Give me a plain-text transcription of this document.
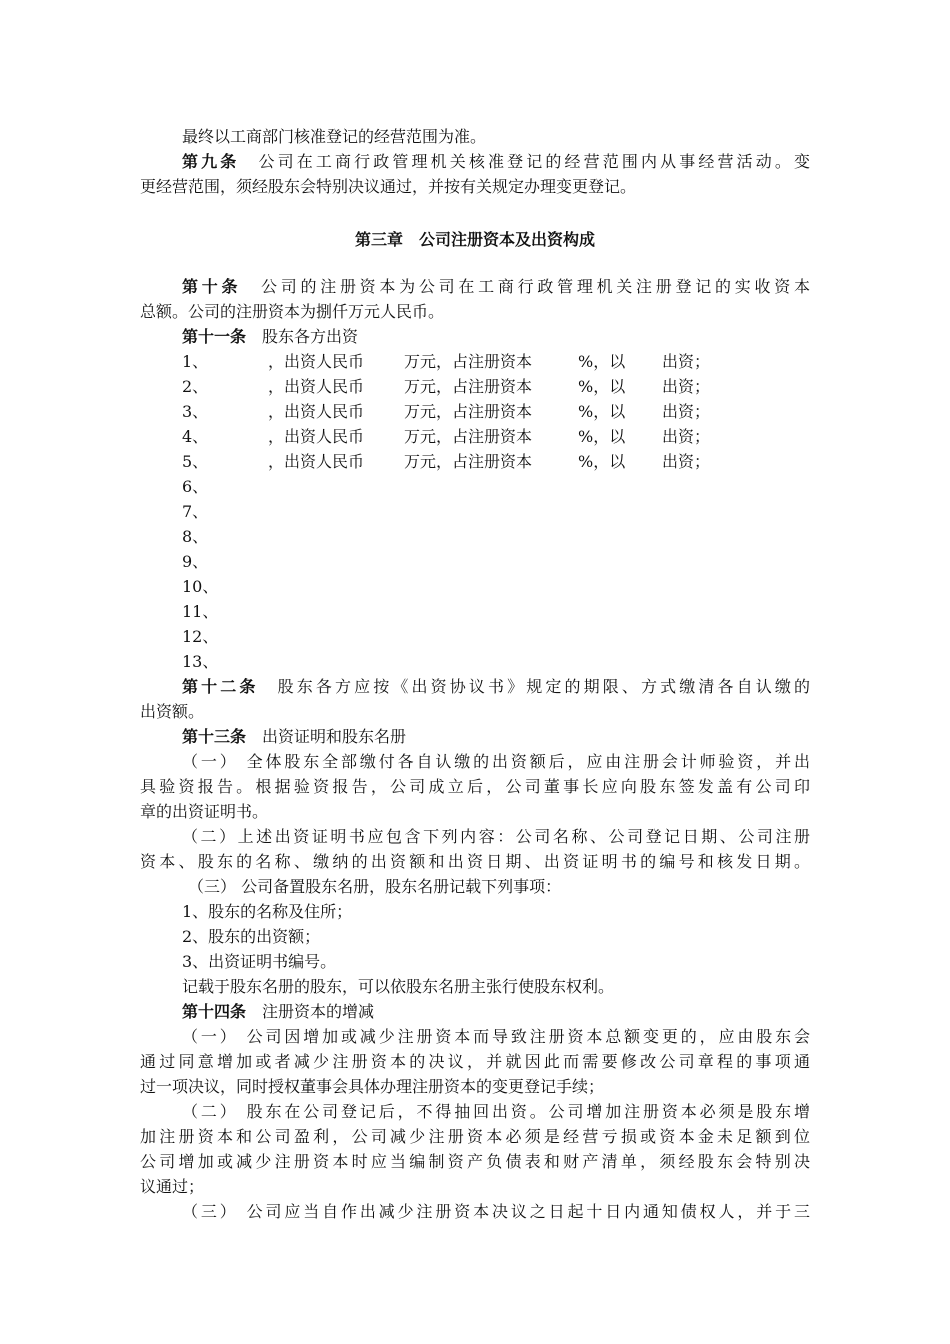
最终以工商部门核准登记的经营范围为准。
第九条　 公司在工商行政管理机关核准登记的经营范围内从事经营活动。变
更经营范围，须经股东会特别决议通过，并按有关规定办理变更登记。
第三章　公司注册资本及出资构成
第十条　 公司的注册资本为公司在工商行政管理机关注册登记的实收资本
总额。公司的注册资本为捌仟万元人民币。
第十一条　 股东各方出资
1、	，出资人民币 万元，占注册资本	%，以 出资；
2、	，出资人民币 万元，占注册资本	%，以 出资；
3、	，出资人民币 万元，占注册资本	%，以 出资；
4、	，出资人民币 万元，占注册资本	%，以 出资；
5、	，出资人民币 万元，占注册资本	%，以 出资；
6、
7、
8、
9、
10、
11、
12、
13、
第十二条　 股东各方应按《出资协议书》规定的期限、方式缴清各自认缴的
出资额。
第十三条　 出资证明和股东名册
（一） 全体股东全部缴付各自认缴的出资额后，应由注册会计师验资，并出
具验资报告。根据验资报告，公司成立后，公司董事长应向股东签发盖有公司印
章的出资证明书。
（二）上述出资证明书应包含下列内容：公司名称、公司登记日期、公司注册
资本、股东的名称、缴纳的出资额和出资日期、出资证明书的编号和核发日期。
（三） 公司备置股东名册，股东名册记载下列事项：
1、股东的名称及住所；
2、股东的出资额；
3、出资证明书编号。
记载于股东名册的股东，可以依股东名册主张行使股东权利。
第十四条　 注册资本的增减
（一） 公司因增加或减少注册资本而导致注册资本总额变更的，应由股东会
通过同意增加或者减少注册资本的决议，并就因此而需要修改公司章程的事项通
过一项决议，同时授权董事会具体办理注册资本的变更登记手续；
（二） 股东在公司登记后，不得抽回出资。公司增加注册资本必须是股东增
加注册资本和公司盈利，公司减少注册资本必须是经营亏损或资本金未足额到位
公司增加或减少注册资本时应当编制资产负债表和财产清单，须经股东会特别决
议通过；
（三） 公司应当自作出减少注册资本决议之日起十日内通知债权人，并于三
